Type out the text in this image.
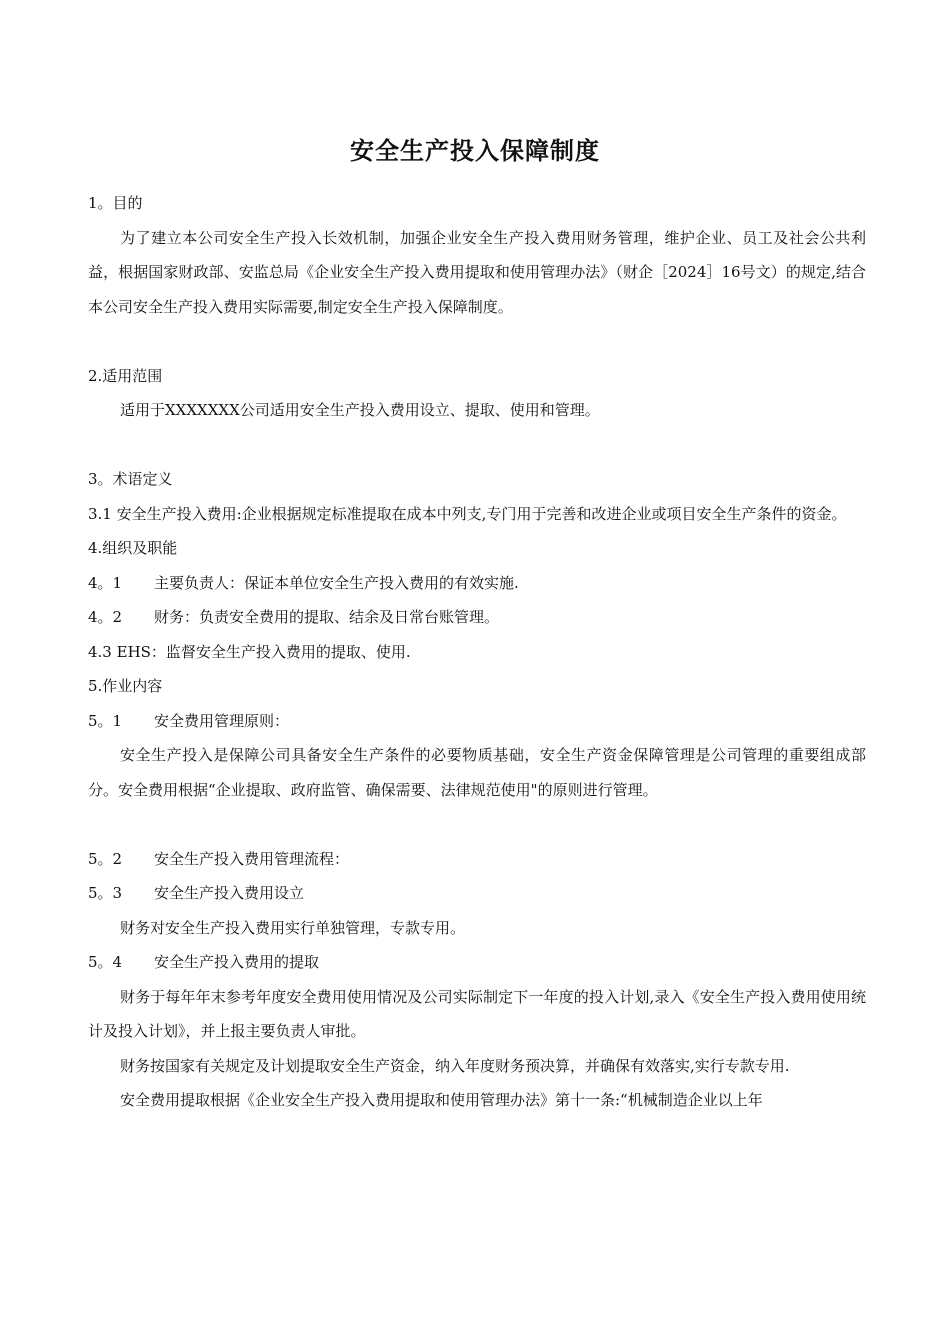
安全生产投入保障制度

1。目的

为了建立本公司安全生产投入长效机制，加强企业安全生产投入费用财务管理，维护企业、员工及社会公共利益，根据国家财政部、安监总局《企业安全生产投入费用提取和使用管理办法》（财企［2024］16号文）的规定,结合本公司安全生产投入费用实际需要,制定安全生产投入保障制度。

2.适用范围

适用于XXXXXXX公司适用安全生产投入费用设立、提取、使用和管理。

3。术语定义

3.1 安全生产投入费用:企业根据规定标准提取在成本中列支,专门用于完善和改进企业或项目安全生产条件的资金。

4.组织及职能

4。1 主要负责人：保证本单位安全生产投入费用的有效实施.

4。2 财务：负责安全费用的提取、结余及日常台账管理。

4.3 EHS：监督安全生产投入费用的提取、使用.

5.作业内容

5。1 安全费用管理原则：

安全生产投入是保障公司具备安全生产条件的必要物质基础，安全生产资金保障管理是公司管理的重要组成部分。安全费用根据“企业提取、政府监管、确保需要、法律规范使用"的原则进行管理。

5。2 安全生产投入费用管理流程：

5。3 安全生产投入费用设立

财务对安全生产投入费用实行单独管理，专款专用。

5。4 安全生产投入费用的提取

财务于每年年末参考年度安全费用使用情况及公司实际制定下一年度的投入计划,录入《安全生产投入费用使用统计及投入计划》，并上报主要负责人审批。

财务按国家有关规定及计划提取安全生产资金，纳入年度财务预决算，并确保有效落实,实行专款专用.

安全费用提取根据《企业安全生产投入费用提取和使用管理办法》第十一条:“机械制造企业以上年
